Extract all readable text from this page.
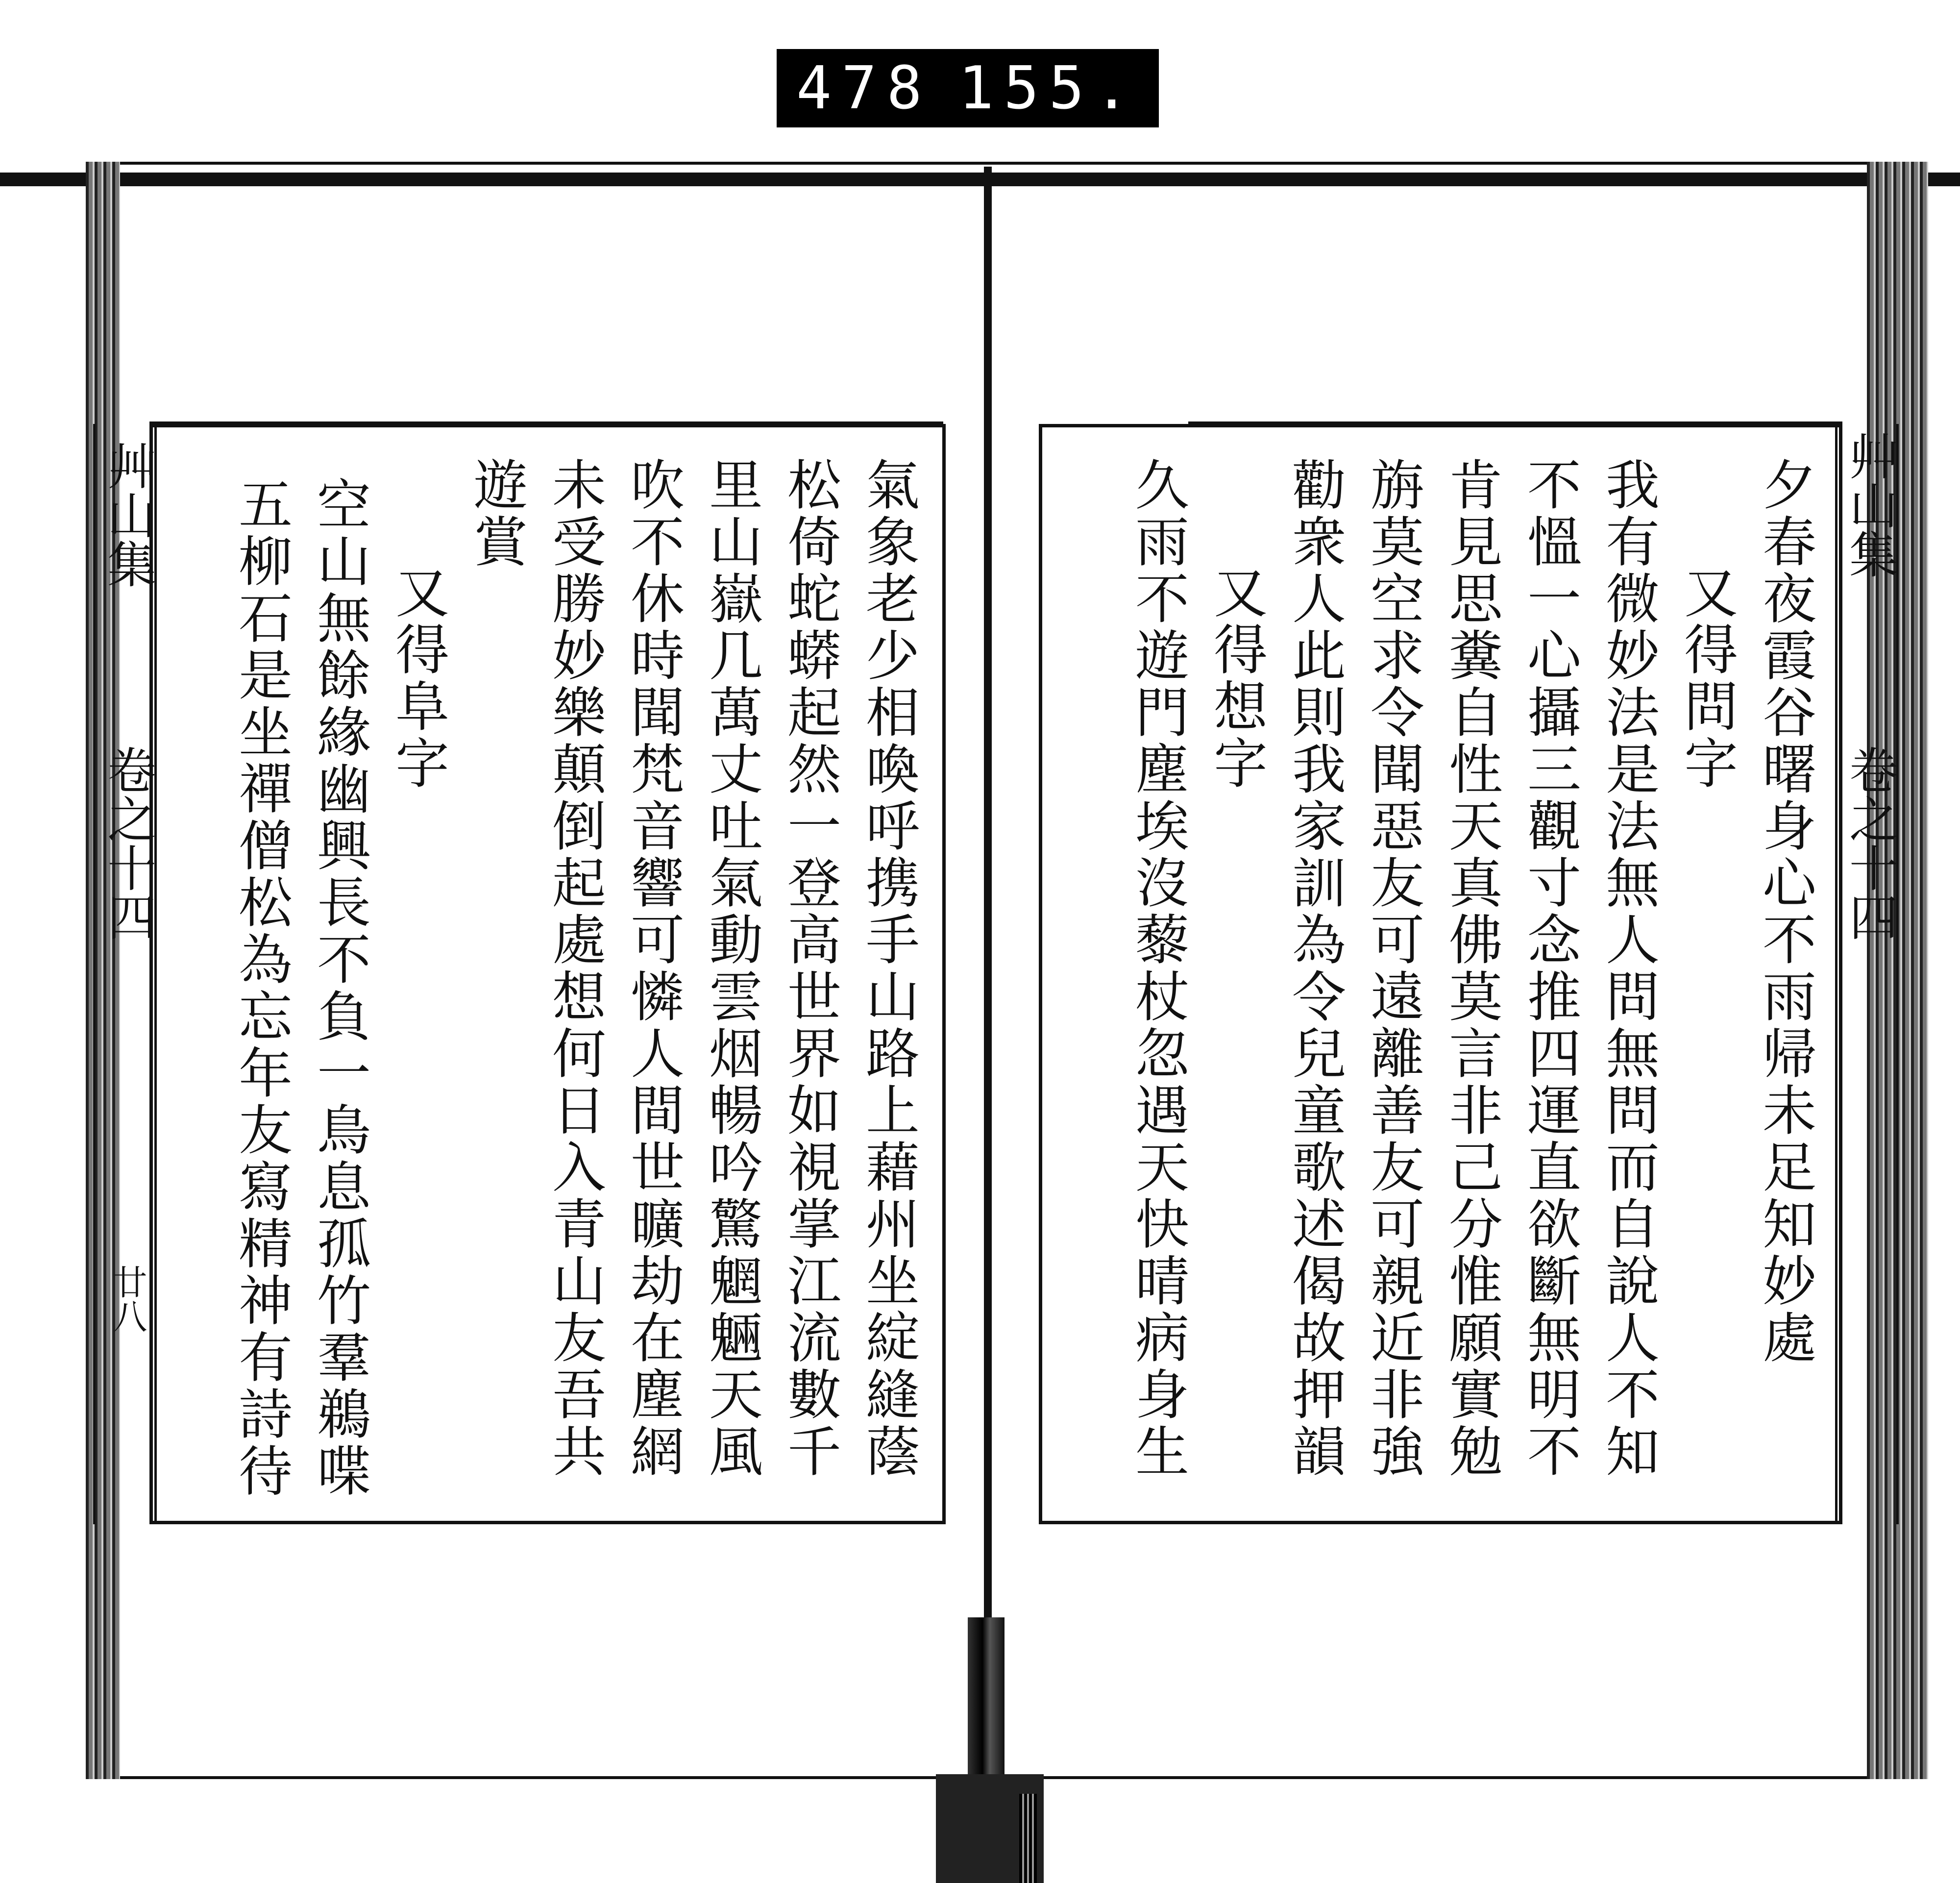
478 155.
艸山集
卷之十四
廿八
艸山集
卷之十四
氣象老少相喚呼携手山路上藉州坐綻縫蔭
松倚蛇蟒起然一登高世界如視掌江流數千
里山嶽几萬丈吐氣動雲烟暢吟驚魍魎天風
吹不休時聞梵音響可憐人間世曠劫在塵網
未受勝妙樂顛倒起處想何日入青山友吾共
遊賞
又得阜字
空山無餘緣幽興長不負一鳥息孤竹羣鵜喋
五柳石是坐禪僧松為忘年友寫精神有詩待	夕春夜霞谷曙身心不雨帰未足知妙處
又得問字
我有微妙法是法無人問無問而自說人不知
不慍一心攝三觀寸念推四運直欲斷無明不
肯見思糞自性天真佛莫言非己分惟願實勉
旃莫空求令聞惡友可遠離善友可親近非強
勸衆人此則我家訓為令兒童歌述偈故押韻
又得想字
久雨不遊門塵埃沒藜杖忽遇天快晴病身生
